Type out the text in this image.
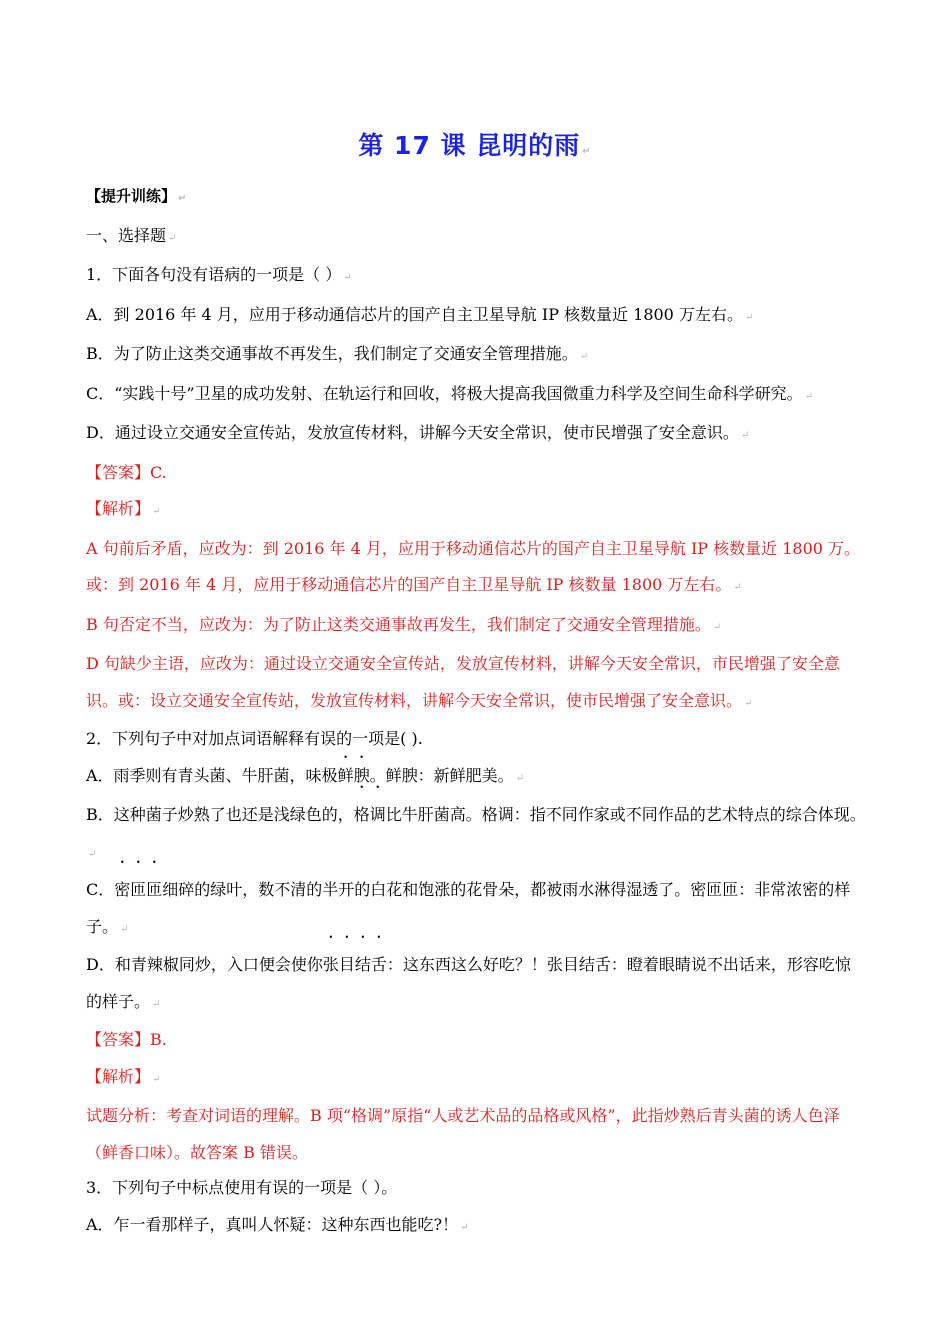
第 17 课 昆明的雨 ↵
【提升训练】 ↵
一、选择题 ↵
1．下面各句没有语病的一项是（ ） ↵
A．到 2016 年 4 月，应用于移动通信芯片的国产自主卫星导航 IP 核数量近 1800 万左右。 ↵
B．为了防止这类交通事故不再发生，我们制定了交通安全管理措施。 ↵
C．“实践十号”卫星的成功发射、在轨运行和回收，将极大提高我国微重力科学及空间生命科学研究。 ↵
D．通过设立交通安全宣传站，发放宣传材料，讲解今天安全常识，使市民增强了安全意识。 ↵
【答案】C.
【解析】 ↵
A 句前后矛盾，应改为：到 2016 年 4 月，应用于移动通信芯片的国产自主卫星导航 IP 核数量近 1800 万。
或：到 2016 年 4 月，应用于移动通信芯片的国产自主卫星导航 IP 核数量 1800 万左右。 ↵
B 句否定不当，应改为：为了防止这类交通事故再发生，我们制定了交通安全管理措施。 ↵
D 句缺少主语，应改为：通过设立交通安全宣传站，发放宣传材料，讲解今天安全常识，市民增强了安全意识。或：设立交通安全宣传站，发放宣传材料，讲解今天安全常识，使市民增强了安全意识。 ↵
2．下列句子中对加点词语解释有误的一项是( ).
A．雨季则有青头菌、牛肝菌，味极鲜腴。鲜腴：新鲜肥美。 ↵
B．这种菌子炒熟了也还是浅绿色的，格调比牛肝菌高。格调：指不同作家或不同作品的艺术特点的综合体现。↵
C．密匝匝细碎的绿叶，数不清的半开的白花和饱涨的花骨朵，都被雨水淋得湿透了。密匝匝：非常浓密的样子。 ↵
D．和青辣椒同炒，入口便会使你张目结舌：这东西这么好吃？！张目结舌：瞪着眼睛说不出话来，形容吃惊的样子。 ↵
【答案】B.
【解析】 ↵
试题分析：考查对词语的理解。B 项“格调”原指“人或艺术品的品格或风格”，此指炒熟后青头菌的诱人色泽（鲜香口味）。故答案 B 错误。
3．下列句子中标点使用有误的一项是（ ）。
A．乍一看那样子，真叫人怀疑：这种东西也能吃?！ ↵
